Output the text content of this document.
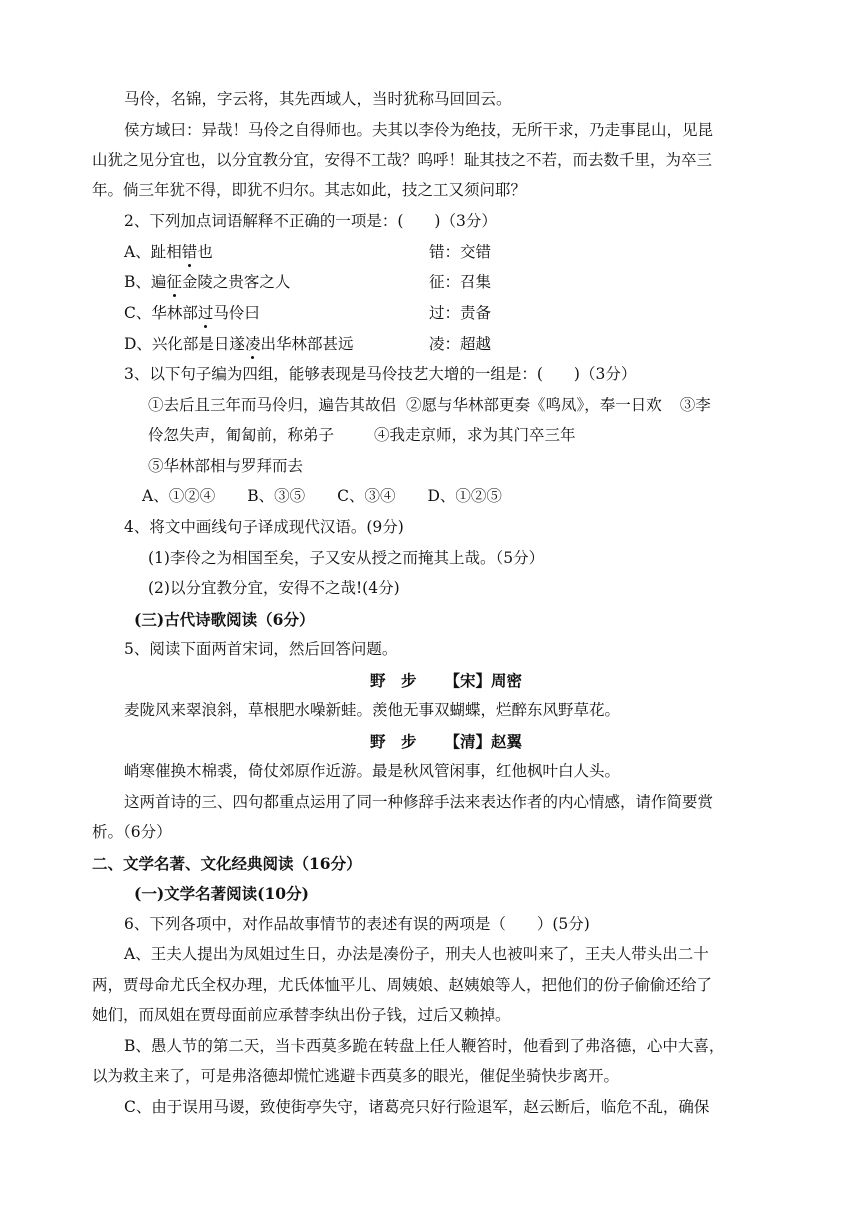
马伶，名锦，字云将，其先西域人，当时犹称马回回云。
侯方域曰：异哉！马伶之自得师也。夫其以李伶为绝技，无所干求，乃走事昆山，见昆
山犹之见分宜也，以分宜教分宜，安得不工哉？呜呼！耻其技之不若，而去数千里，为卒三
年。倘三年犹不得，即犹不归尔。其志如此，技之工又须问耶？
2、下列加点词语解释不正确的一项是：(　　)（3分）
A、趾相错也	错：交错
B、遍征金陵之贵客之人	征：召集
C、华林部过马伶曰	过：责备
D、兴化部是日遂凌出华林部甚远	凌：超越
3、以下句子编为四组，能够表现是马伶技艺大增的一组是：(　　)（3分）
①去后且三年而马伶归，遍告其故侣 ②愿与华林部更奏《鸣凤》，奉一日欢 ③李
伶忽失声，匍匐前，称弟子	④我走京师，求为其门卒三年
⑤华林部相与罗拜而去
A、①②④ B、③⑤ C、③④ D、①②⑤
4、将文中画线句子译成现代汉语。(9分)
(1)李伶之为相国至矣，子又安从授之而掩其上哉。（5分）
(2)以分宜教分宜，安得不之哉!(4分)
(三)古代诗歌阅读（6分）
5、阅读下面两首宋词，然后回答问题。
野　步 【宋】周密
麦陇风来翠浪斜，草根肥水噪新蛙。羡他无事双蝴蝶，烂醉东风野草花。
野　步 【清】赵翼
峭寒催换木棉裘，倚仗郊原作近游。最是秋风管闲事，红他枫叶白人头。
这两首诗的三、四句都重点运用了同一种修辞手法来表达作者的内心情感，请作简要赏
析。（6分）
二、文学名著、文化经典阅读（16分）
(一)文学名著阅读(10分)
6、下列各项中，对作品故事情节的表述有误的两项是（　　）(5分)
A、王夫人提出为凤姐过生日，办法是凑份子，刑夫人也被叫来了，王夫人带头出二十
两，贾母命尤氏全权办理，尤氏体恤平儿、周姨娘、赵姨娘等人，把他们的份子偷偷还给了
她们，而凤姐在贾母面前应承替李纨出份子钱，过后又赖掉。
B、愚人节的第二天，当卡西莫多跪在转盘上任人鞭笞时，他看到了弗洛德，心中大喜，
以为救主来了，可是弗洛德却慌忙逃避卡西莫多的眼光，催促坐骑快步离开。
C、由于误用马谡，致使街亭失守，诸葛亮只好行险退军，赵云断后，临危不乱，确保
